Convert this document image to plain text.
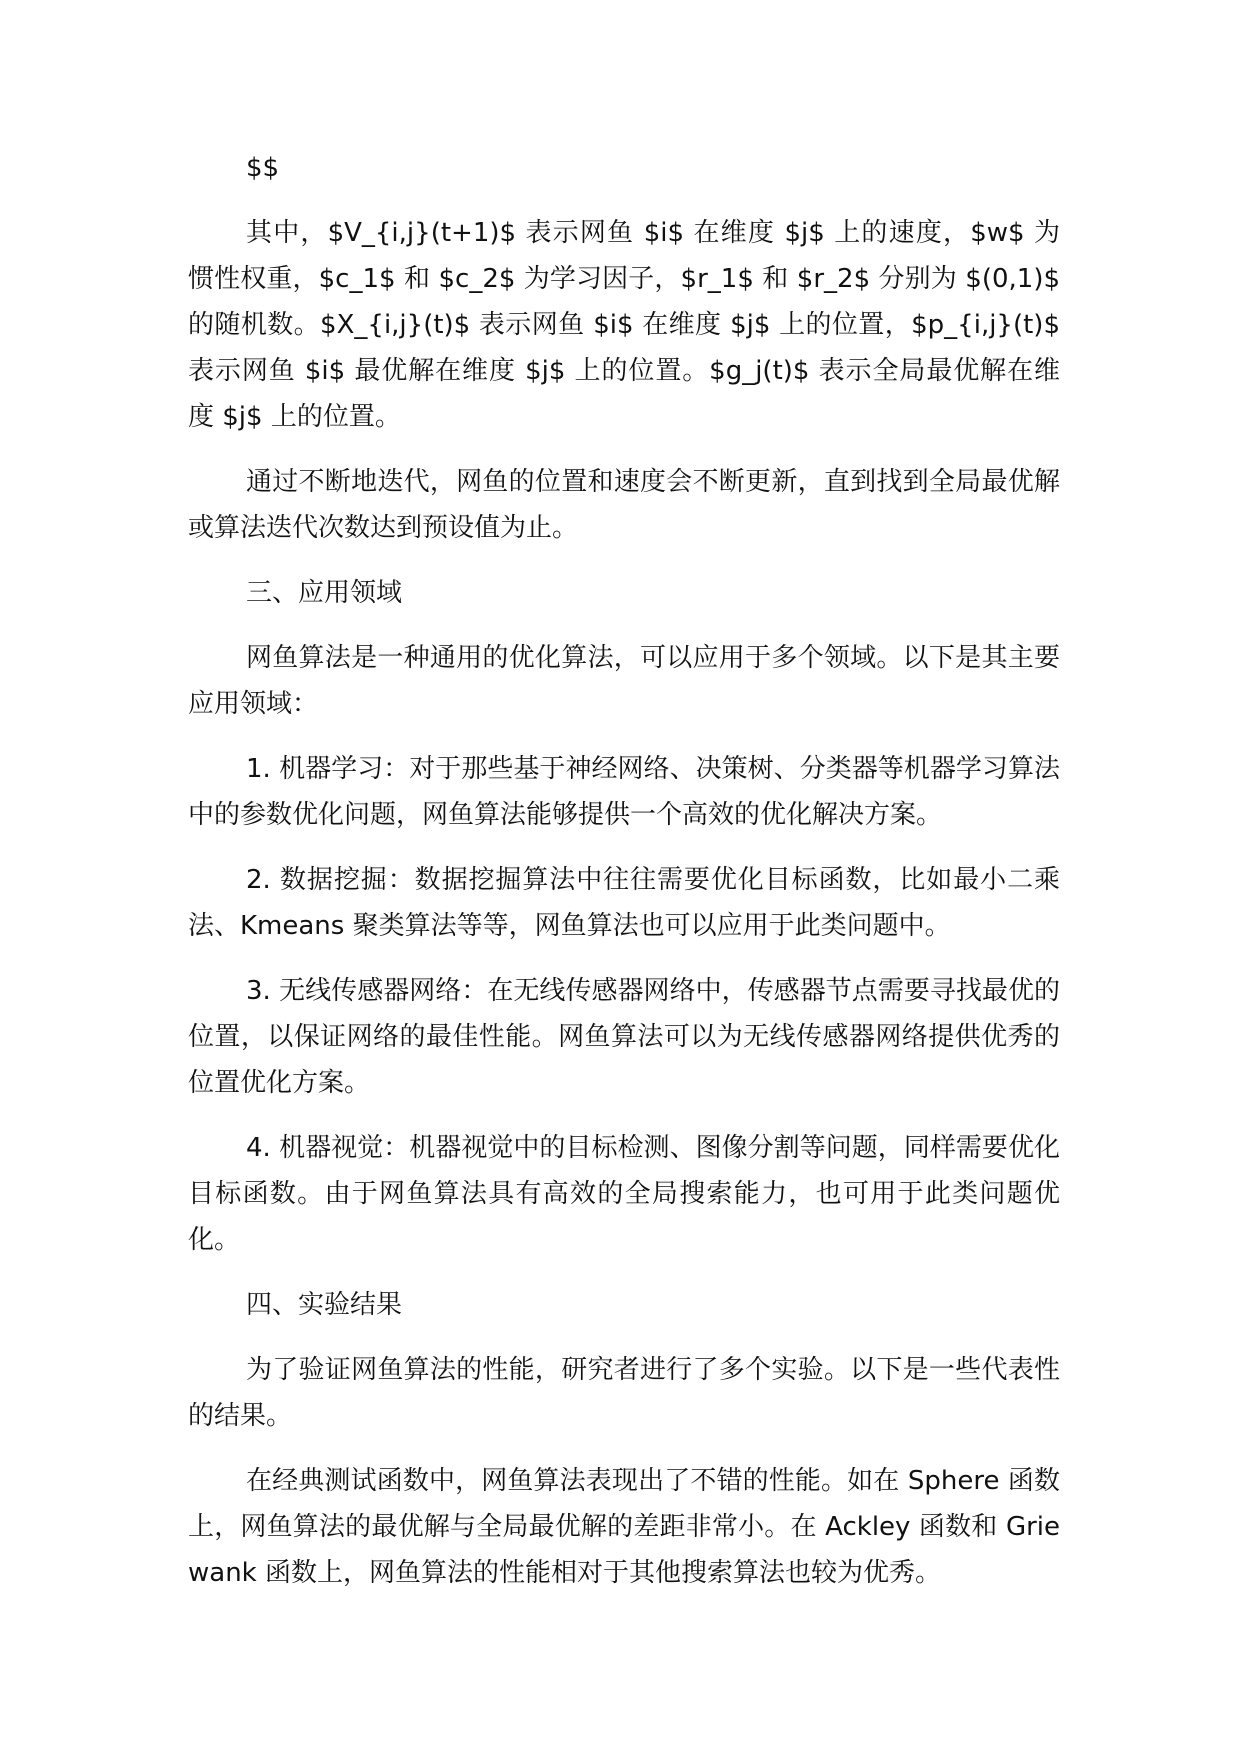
$$

其中，$V_{i,j}(t+1)$ 表示网鱼 $i$ 在维度 $j$ 上的速度，$w$ 为惯性权重，$c_1$ 和 $c_2$ 为学习因子，$r_1$ 和 $r_2$ 分别为 $(0,1)$ 的随机数。$X_{i,j}(t)$ 表示网鱼 $i$ 在维度 $j$ 上的位置，$p_{i,j}(t)$ 表示网鱼 $i$ 最优解在维度 $j$ 上的位置。$g_j(t)$ 表示全局最优解在维度 $j$ 上的位置。

通过不断地迭代，网鱼的位置和速度会不断更新，直到找到全局最优解或算法迭代次数达到预设值为止。

三、应用领域

网鱼算法是一种通用的优化算法，可以应用于多个领域。以下是其主要应用领域：

1. 机器学习：对于那些基于神经网络、决策树、分类器等机器学习算法中的参数优化问题，网鱼算法能够提供一个高效的优化解决方案。

2. 数据挖掘：数据挖掘算法中往往需要优化目标函数，比如最小二乘法、Kmeans 聚类算法等等，网鱼算法也可以应用于此类问题中。

3. 无线传感器网络：在无线传感器网络中，传感器节点需要寻找最优的位置，以保证网络的最佳性能。网鱼算法可以为无线传感器网络提供优秀的位置优化方案。

4. 机器视觉：机器视觉中的目标检测、图像分割等问题，同样需要优化目标函数。由于网鱼算法具有高效的全局搜索能力，也可用于此类问题优化。

四、实验结果

为了验证网鱼算法的性能，研究者进行了多个实验。以下是一些代表性的结果。

在经典测试函数中，网鱼算法表现出了不错的性能。如在 Sphere 函数上，网鱼算法的最优解与全局最优解的差距非常小。在 Ackley 函数和 Griewank 函数上，网鱼算法的性能相对于其他搜索算法也较为优秀。
